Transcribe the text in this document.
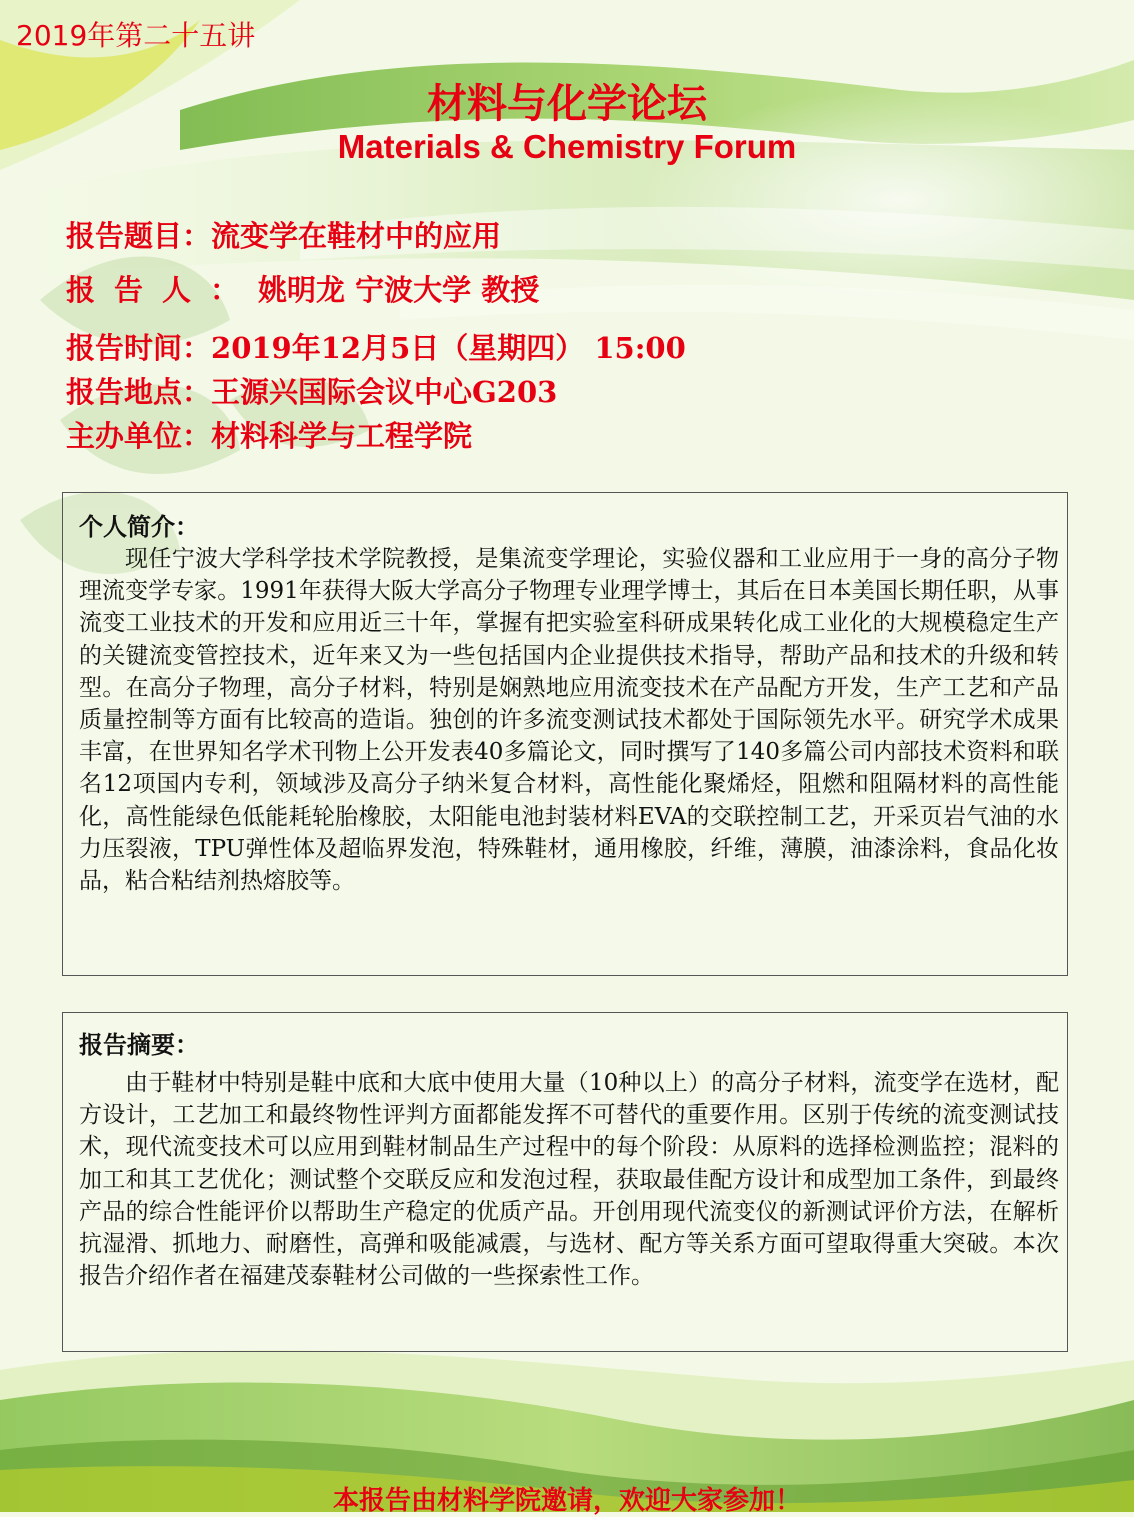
2019年第二十五讲
材料与化学论坛
Materials & Chemistry Forum
报告题目：流变学在鞋材中的应用
报告人：姚明龙 宁波大学 教授
报告时间：2019年12月5日（星期四） 15:00
报告地点：王源兴国际会议中心G203
主办单位：材料科学与工程学院
个人简介：

现任宁波大学科学技术学院教授，是集流变学理论，实验仪器和工业应用于一身的高分子物理流变学专家。1991年获得大阪大学高分子物理专业理学博士，其后在日本美国长期任职，从事流变工业技术的开发和应用近三十年，掌握有把实验室科研成果转化成工业化的大规模稳定生产的关键流变管控技术，近年来又为一些包括国内企业提供技术指导，帮助产品和技术的升级和转型。在高分子物理，高分子材料，特别是娴熟地应用流变技术在产品配方开发，生产工艺和产品质量控制等方面有比较高的造诣。独创的许多流变测试技术都处于国际领先水平。研究学术成果丰富，在世界知名学术刊物上公开发表40多篇论文，同时撰写了140多篇公司内部技术资料和联名12项国内专利，领域涉及高分子纳米复合材料，高性能化聚烯烃，阻燃和阻隔材料的高性能化，高性能绿色低能耗轮胎橡胶，太阳能电池封装材料EVA的交联控制工艺，开采页岩气油的水力压裂液，TPU弹性体及超临界发泡，特殊鞋材，通用橡胶，纤维，薄膜，油漆涂料，食品化妆品，粘合粘结剂热熔胶等。

报告摘要：

由于鞋材中特别是鞋中底和大底中使用大量（10种以上）的高分子材料，流变学在选材，配方设计，工艺加工和最终物性评判方面都能发挥不可替代的重要作用。区别于传统的流变测试技术，现代流变技术可以应用到鞋材制品生产过程中的每个阶段：从原料的选择检测监控；混料的加工和其工艺优化；测试整个交联反应和发泡过程，获取最佳配方设计和成型加工条件，到最终产品的综合性能评价以帮助生产稳定的优质产品。开创用现代流变仪的新测试评价方法，在解析抗湿滑、抓地力、耐磨性，高弹和吸能减震，与选材、配方等关系方面可望取得重大突破。本次报告介绍作者在福建茂泰鞋材公司做的一些探索性工作。

本报告由材料学院邀请，欢迎大家参加！
